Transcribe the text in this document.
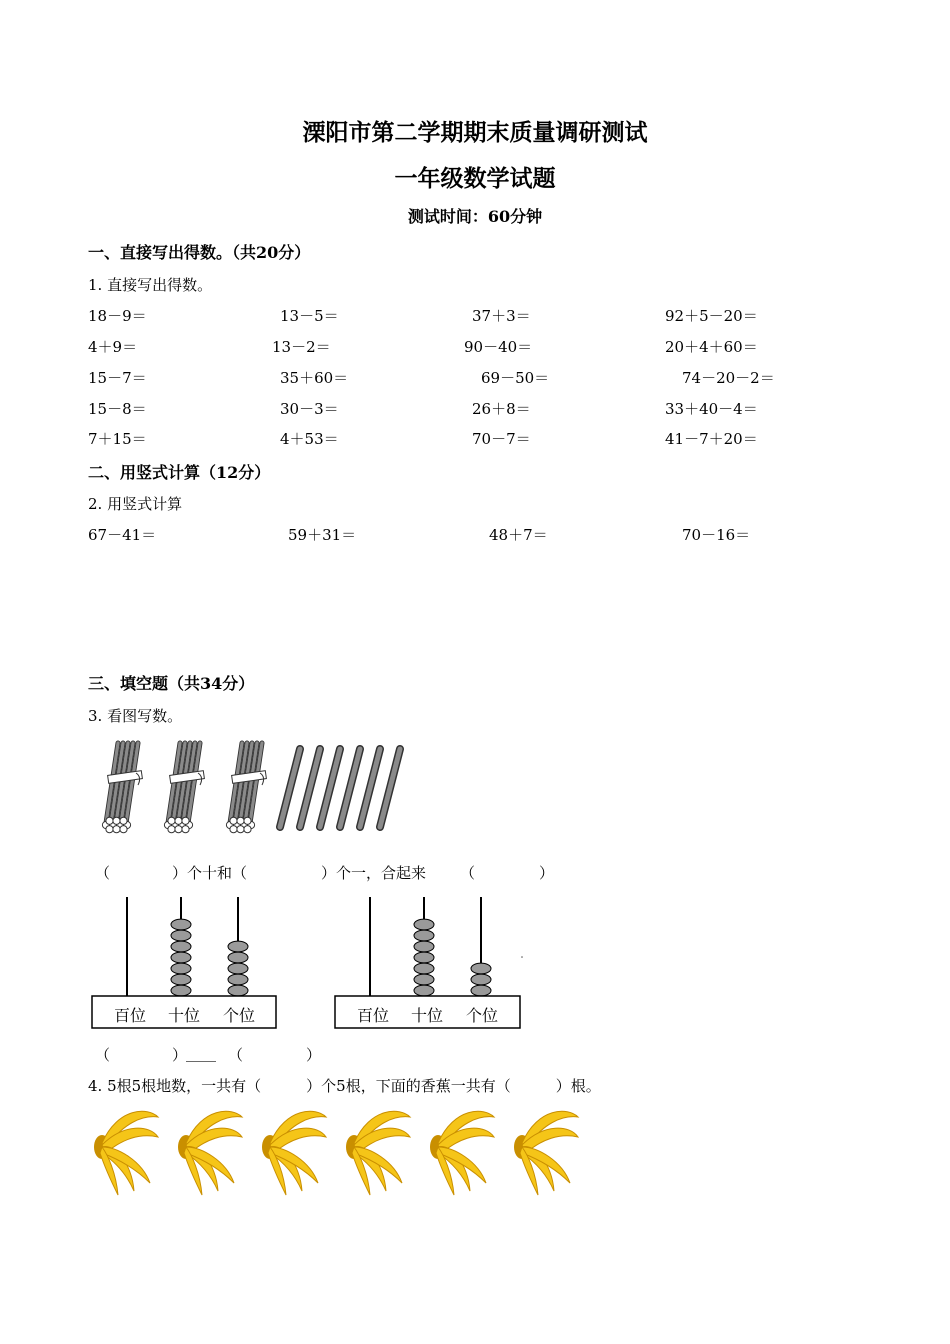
溧阳市第二学期期末质量调研测试
一年级数学试题
测试时间：60分钟
一、直接写出得数。（共20分）
1. 直接写出得数。
18－9＝	13－5＝	37＋3＝	92＋5－20＝
4＋9＝	13－2＝	90－40＝	20＋4＋60＝
15－7＝	35＋60＝	69－50＝	74－20－2＝
15－8＝	30－3＝	26＋8＝	33＋40－4＝
7＋15＝	4＋53＝	70－7＝	41－7＋20＝
二、用竖式计算（12分）
2. 用竖式计算
67－41＝	59＋31＝	48＋7＝	70－16＝
三、填空题（共34分）
3. 看图写数。
（	）个十和（	）个一，合起来 （	）
百位 十位 个位	百位 十位 个位
（	）
____ （	）
4. 5根5根地数，一共有（　　　）个5根，下面的香蕉一共有（　　　）根。
